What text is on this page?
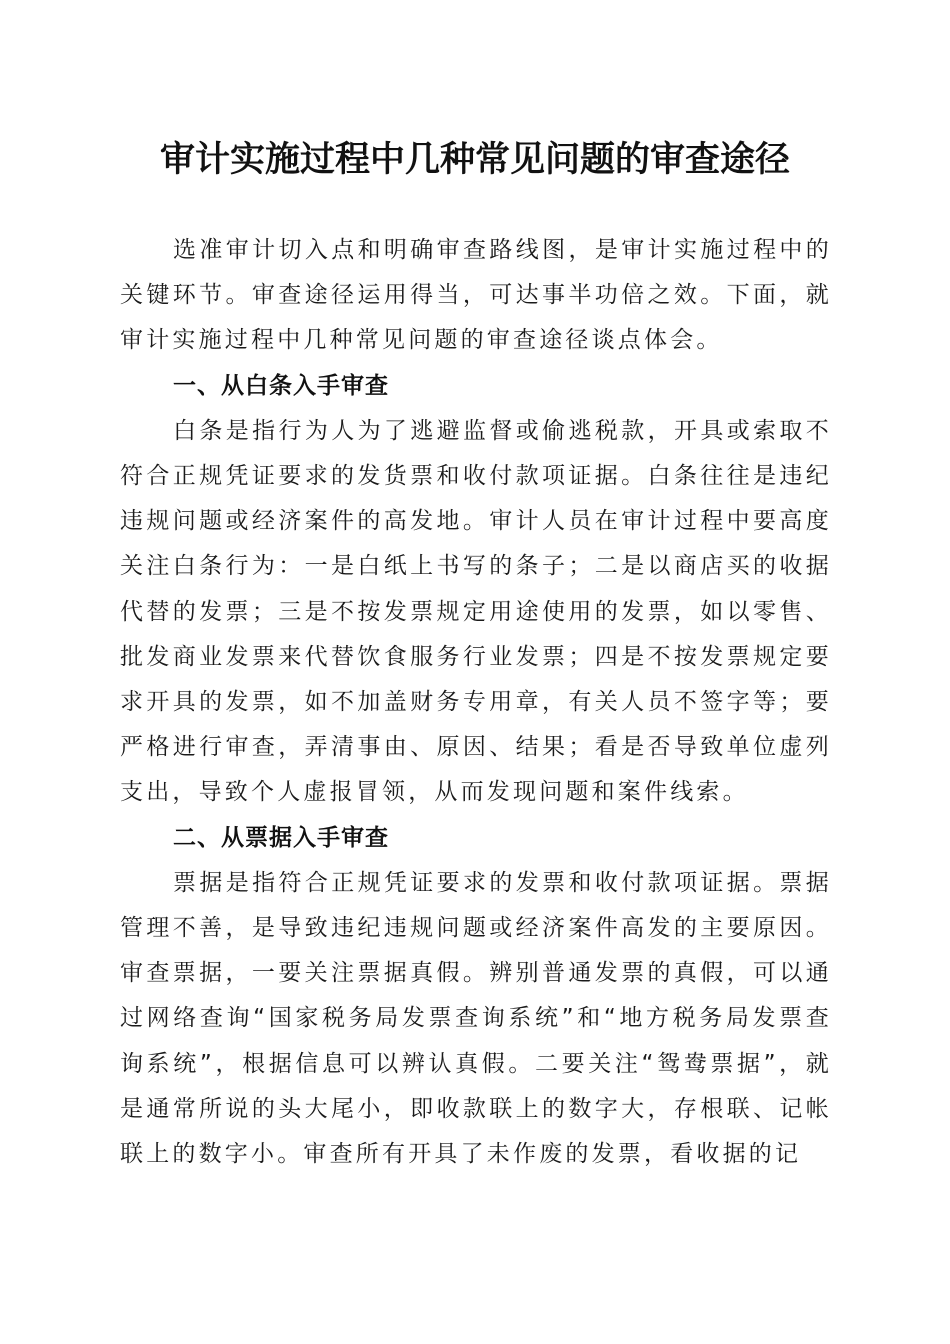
审计实施过程中几种常见问题的审查途径

选准审计切入点和明确审查路线图，是审计实施过程中的关键环节。审查途径运用得当，可达事半功倍之效。下面，就审计实施过程中几种常见问题的审查途径谈点体会。

一、从白条入手审查

白条是指行为人为了逃避监督或偷逃税款，开具或索取不符合正规凭证要求的发货票和收付款项证据。白条往往是违纪违规问题或经济案件的高发地。审计人员在审计过程中要高度关注白条行为：一是白纸上书写的条子；二是以商店买的收据代替的发票；三是不按发票规定用途使用的发票，如以零售、批发商业发票来代替饮食服务行业发票；四是不按发票规定要求开具的发票，如不加盖财务专用章，有关人员不签字等；要严格进行审查，弄清事由、原因、结果；看是否导致单位虚列支出，导致个人虚报冒领，从而发现问题和案件线索。

二、从票据入手审查

票据是指符合正规凭证要求的发票和收付款项证据。票据管理不善，是导致违纪违规问题或经济案件高发的主要原因。审查票据，一要关注票据真假。辨别普通发票的真假，可以通过网络查询“国家税务局发票查询系统”和“地方税务局发票查询系统”，根据信息可以辨认真假。二要关注“鸳鸯票据”，就是通常所说的头大尾小，即收款联上的数字大，存根联、记帐联上的数字小。审查所有开具了未作废的发票，看收据的记
